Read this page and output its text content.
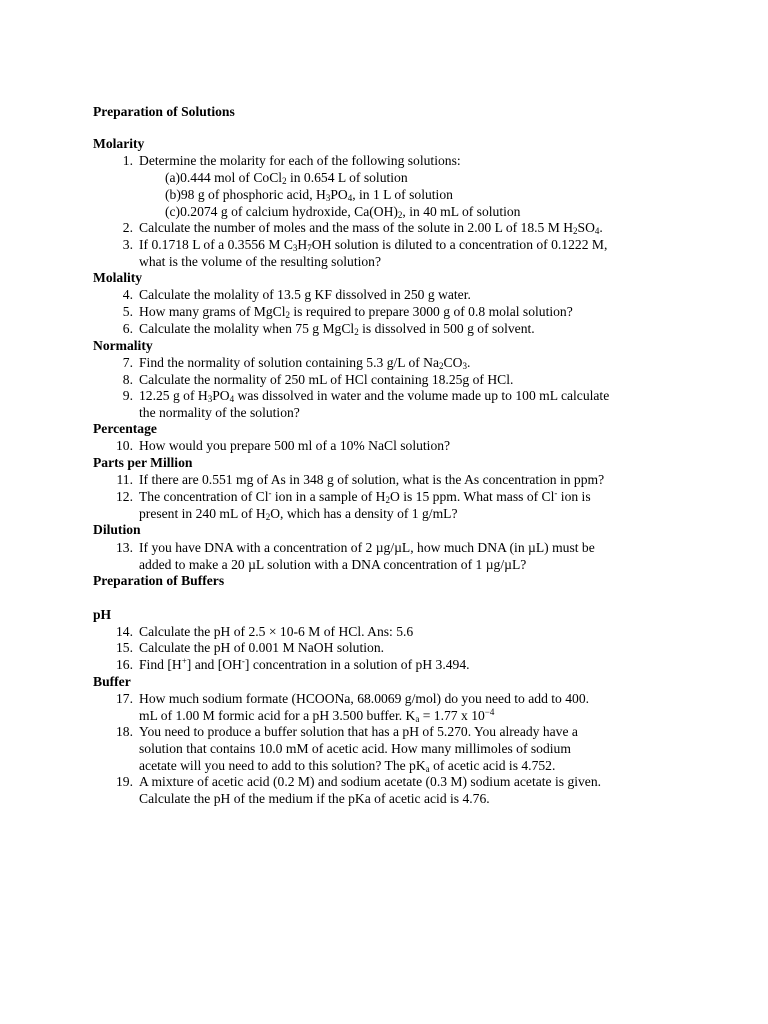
Preparation of Solutions
Molarity
1. Determine the molarity for each of the following solutions:
(a)0.444 mol of CoCl$_2$ in 0.654 L of solution
(b)98 g of phosphoric acid, $H_3PO_4$, in 1 L of solution
(c)0.2074 g of calcium hydroxide, $Ca(OH)_2$, in 40 mL of solution
2. Calculate the number of moles and the mass of the solute in 2.00 L of 18.5 M $H_2SO_4$.
3. If 0.1718 L of a 0.3556 M $C_3H_7OH$ solution is diluted to a concentration of 0.1222 M,
what is the volume of the resulting solution?
Molality
4. Calculate the molality of 13.5 g KF dissolved in 250 g water.
5. How many grams of MgCl$_2$ is required to prepare 3000 g of 0.8 molal solution?
6. Calculate the molality when 75 g MgCl$_2$ is dissolved in 500 g of solvent.
Normality
7. Find the normality of solution containing 5.3 g/L of $Na_2CO_3$.
8. Calculate the normality of 250 mL of HCl containing 18.25g of HCl.
9. 12.25 g of $H_3PO_4$ was dissolved in water and the volume made up to 100 mL calculate
the normality of the solution?
Percentage
10. How would you prepare 500 ml of a 10% NaCl solution?
Parts per Million
11. If there are 0.551 mg of As in 348 g of solution, what is the As concentration in ppm?
12. The concentration of Cl- ion in a sample of $H_2O$ is 15 ppm. What mass of Cl- ion is
present in 240 mL of $H_2O$, which has a density of 1 g/mL?
Dilution
13. If you have DNA with a concentration of 2 µg/µL, how much DNA (in µL) must be
added to make a 20 µL solution with a DNA concentration of 1 µg/µL?
Preparation of Buffers
pH
14. Calculate the pH of 2.5 × 10-6 M of HCl. Ans: 5.6
15. Calculate the pH of 0.001 M NaOH solution.
16. Find [H+] and [OH-] concentration in a solution of pH 3.494.
Buffer
17. How much sodium formate (HCOONa, 68.0069 g/mol) do you need to add to 400.
mL of 1.00 M formic acid for a pH 3.500 buffer. $K_a = 1.77$ x $10^{-4}$
18. You need to produce a buffer solution that has a pH of 5.270. You already have a
solution that contains 10.0 mM of acetic acid. How many millimoles of sodium
acetate will you need to add to this solution? The $pK_a$ of acetic acid is 4.752.
19. A mixture of acetic acid (0.2 M) and sodium acetate (0.3 M) sodium acetate is given.
Calculate the pH of the medium if the pKa of acetic acid is 4.76.
